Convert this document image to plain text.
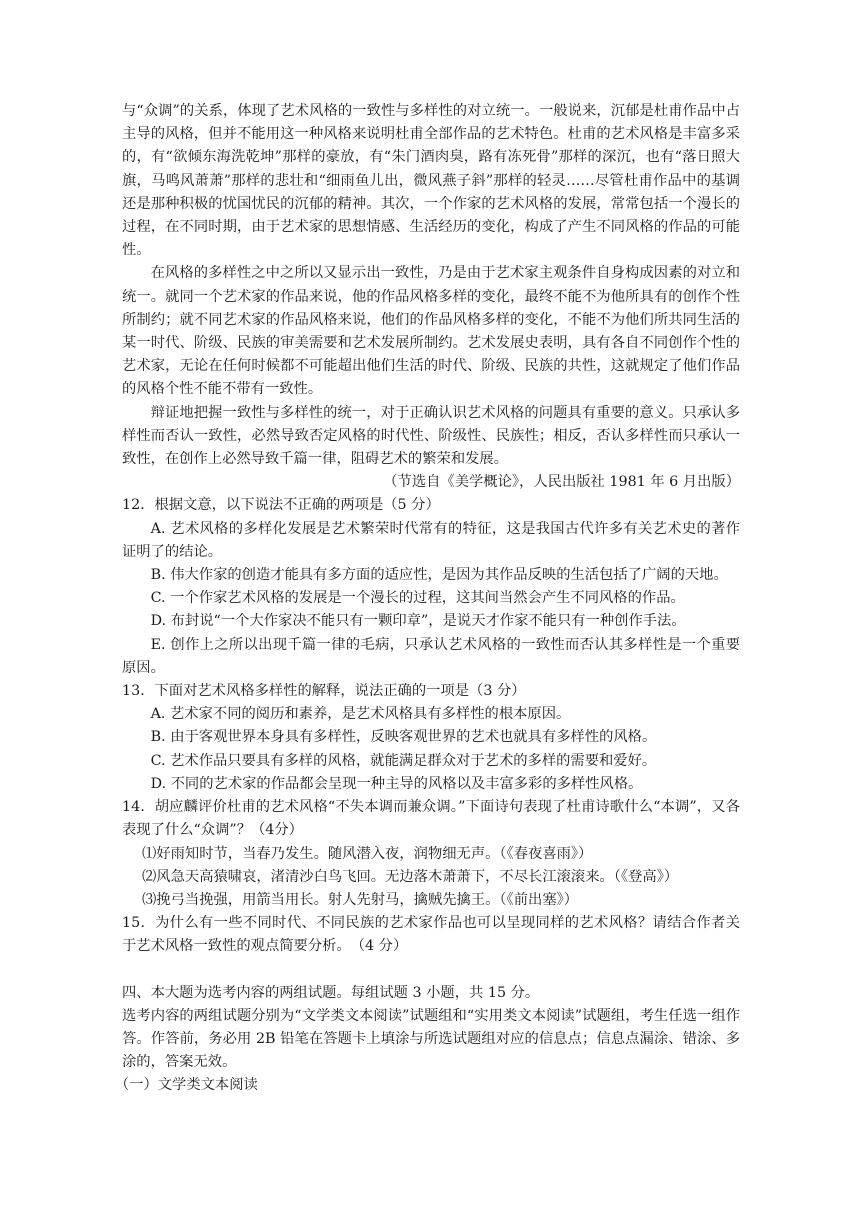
与“众调”的关系，体现了艺术风格的一致性与多样性的对立统一。一般说来，沉郁是杜甫作品中占主导的风格，但并不能用这一种风格来说明杜甫全部作品的艺术特色。杜甫的艺术风格是丰富多采的，有“欲倾东海洗乾坤”那样的豪放，有“朱门酒肉臭，路有冻死骨”那样的深沉，也有“落日照大旗，马鸣风萧萧”那样的悲壮和“细雨鱼儿出，微风燕子斜”那样的轻灵……尽管杜甫作品中的基调还是那种积极的忧国忧民的沉郁的精神。其次，一个作家的艺术风格的发展，常常包括一个漫长的过程，在不同时期，由于艺术家的思想情感、生活经历的变化，构成了产生不同风格的作品的可能性。

在风格的多样性之中之所以又显示出一致性，乃是由于艺术家主观条件自身构成因素的对立和统一。就同一个艺术家的作品来说，他的作品风格多样的变化，最终不能不为他所具有的创作个性所制约；就不同艺术家的作品风格来说，他们的作品风格多样的变化，不能不为他们所共同生活的某一时代、阶级、民族的审美需要和艺术发展所制约。艺术发展史表明，具有各自不同创作个性的艺术家，无论在任何时候都不可能超出他们生活的时代、阶级、民族的共性，这就规定了他们作品的风格个性不能不带有一致性。

辩证地把握一致性与多样性的统一，对于正确认识艺术风格的问题具有重要的意义。只承认多样性而否认一致性，必然导致否定风格的时代性、阶级性、民族性；相反，否认多样性而只承认一致性，在创作上必然导致千篇一律，阻碍艺术的繁荣和发展。

（节选自《美学概论》，人民出版社 1981 年 6 月出版）

12．根据文意，以下说法不正确的两项是（5 分）

A. 艺术风格的多样化发展是艺术繁荣时代常有的特征，这是我国古代许多有关艺术史的著作证明了的结论。

B. 伟大作家的创造才能具有多方面的适应性，是因为其作品反映的生活包括了广阔的天地。

C. 一个作家艺术风格的发展是一个漫长的过程，这其间当然会产生不同风格的作品。

D. 布封说“一个大作家决不能只有一颗印章”，是说天才作家不能只有一种创作手法。

E. 创作上之所以出现千篇一律的毛病，只承认艺术风格的一致性而否认其多样性是一个重要原因。

13．下面对艺术风格多样性的解释，说法正确的一项是（3 分）

A. 艺术家不同的阅历和素养，是艺术风格具有多样性的根本原因。

B. 由于客观世界本身具有多样性，反映客观世界的艺术也就具有多样性的风格。

C. 艺术作品只要具有多样的风格，就能满足群众对于艺术的多样的需要和爱好。

D. 不同的艺术家的作品都会呈现一种主导的风格以及丰富多彩的多样性风格。

14．胡应麟评价杜甫的艺术风格“不失本调而兼众调。”下面诗句表现了杜甫诗歌什么“本调”，又各表现了什么“众调”？（4分）

⑴好雨知时节，当春乃发生。随风潜入夜，润物细无声。（《春夜喜雨》）

⑵风急天高猿啸哀，渚清沙白鸟飞回。无边落木萧萧下，不尽长江滚滚来。（《登高》）

⑶挽弓当挽强，用箭当用长。射人先射马，擒贼先擒王。（《前出塞》）

15．为什么有一些不同时代、不同民族的艺术家作品也可以呈现同样的艺术风格？请结合作者关于艺术风格一致性的观点简要分析。　（4 分）

四、本大题为选考内容的两组试题。每组试题 3 小题，共 15 分。

选考内容的两组试题分别为“文学类文本阅读”试题组和“实用类文本阅读”试题组，考生任选一组作答。作答前，务必用 2B 铅笔在答题卡上填涂与所选试题组对应的信息点；信息点漏涂、错涂、多涂的，答案无效。

（一）文学类文本阅读
